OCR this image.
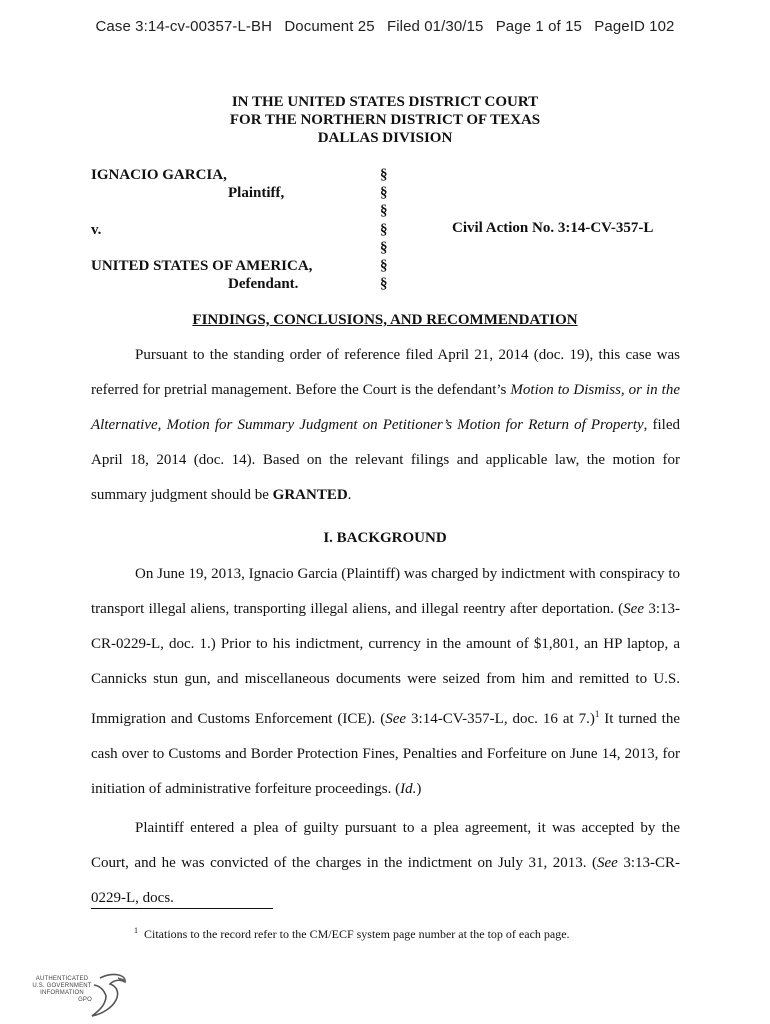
Case 3:14-cv-00357-L-BH Document 25 Filed 01/30/15 Page 1 of 15 PageID 102
IN THE UNITED STATES DISTRICT COURT
FOR THE NORTHERN DISTRICT OF TEXAS
DALLAS DIVISION
IGNACIO GARCIA,
Plaintiff,
v.
UNITED STATES OF AMERICA,
Defendant.
§
§
§
§
§
§
§
Civil Action No. 3:14-CV-357-L
FINDINGS, CONCLUSIONS, AND RECOMMENDATION
Pursuant to the standing order of reference filed April 21, 2014 (doc. 19), this case was referred for pretrial management. Before the Court is the defendant’s Motion to Dismiss, or in the Alternative, Motion for Summary Judgment on Petitioner’s Motion for Return of Property, filed April 18, 2014 (doc. 14). Based on the relevant filings and applicable law, the motion for summary judgment should be GRANTED.
I. BACKGROUND
On June 19, 2013, Ignacio Garcia (Plaintiff) was charged by indictment with conspiracy to transport illegal aliens, transporting illegal aliens, and illegal reentry after deportation. (See 3:13-CR-0229-L, doc. 1.) Prior to his indictment, currency in the amount of $1,801, an HP laptop, a Cannicks stun gun, and miscellaneous documents were seized from him and remitted to U.S. Immigration and Customs Enforcement (ICE). (See 3:14-CV-357-L, doc. 16 at 7.)$^1$ It turned the cash over to Customs and Border Protection Fines, Penalties and Forfeiture on June 14, 2013, for initiation of administrative forfeiture proceedings. (Id.)
Plaintiff entered a plea of guilty pursuant to a plea agreement, it was accepted by the Court, and he was convicted of the charges in the indictment on July 31, 2013. (See 3:13-CR-0229-L, docs.
$^1$ Citations to the record refer to the CM/ECF system page number at the top of each page.
AUTHENTICATED
U.S. GOVERNMENT
INFORMATION
GPO
